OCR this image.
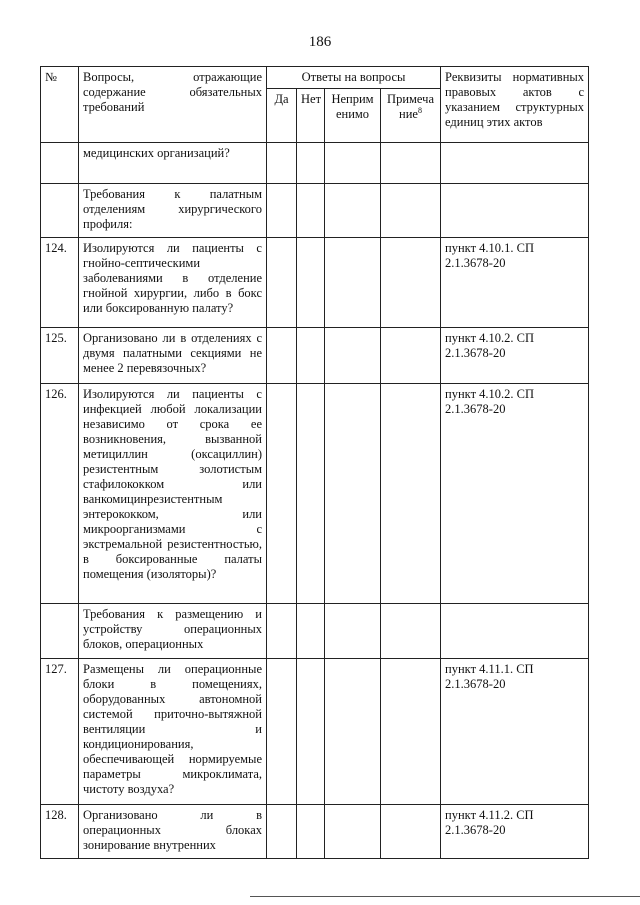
186
№	Вопросы, отражающие содержание обязательных требований	Ответы на вопросы				Реквизиты нормативных правовых актов с указанием структурных единиц этих актов
		Да	Нет	Неприм енимо	Примеча ние$^8$
	медицинских организаций?					
	Требования к палатным отделениям хирургического профиля:					
124.	Изолируются ли пациенты с гнойно-септическими заболеваниями в отделение гнойной хирургии, либо в бокс или боксированную палату?					пункт 4.10.1. СП 2.1.3678-20
125.	Организовано ли в отделениях с двумя палатными секциями не менее 2 перевязочных?					пункт 4.10.2. СП 2.1.3678-20
126.	Изолируются ли пациенты с инфекцией любой локализации независимо от срока ее возникновения, вызванной метициллин (оксациллин) резистентным золотистым стафилококком или ванкомицинрезистентным энтерококком, или микроорганизмами с экстремальной резистентностью, в боксированные палаты помещения (изоляторы)?					пункт 4.10.2. СП 2.1.3678-20
	Требования к размещению и устройству операционных блоков, операционных					
127.	Размещены ли операционные блоки в помещениях, оборудованных автономной системой приточно-вытяжной вентиляции и кондиционирования, обеспечивающей нормируемые параметры микроклимата, чистоту воздуха?					пункт 4.11.1. СП 2.1.3678-20
128.	Организовано ли в операционных блоках зонирование внутренних					пункт 4.11.2. СП 2.1.3678-20
